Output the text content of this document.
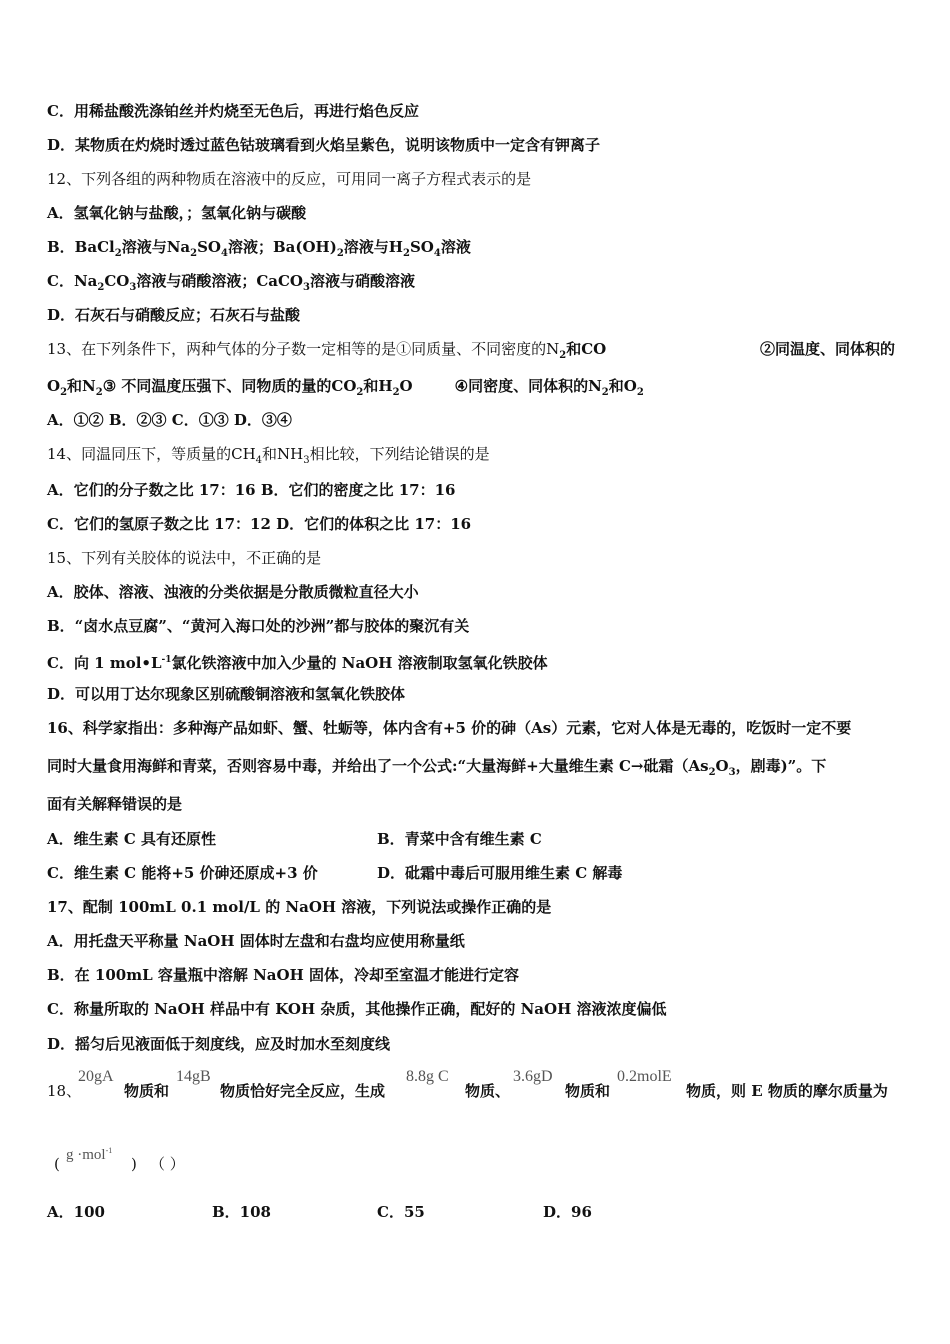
C．用稀盐酸洗涤铂丝并灼烧至无色后，再进行焰色反应
D．某物质在灼烧时透过蓝色钴玻璃看到火焰呈紫色，说明该物质中一定含有钾离子
12、下列各组的两种物质在溶液中的反应，可用同一离子方程式表示的是
A．氢氧化钠与盐酸，；氢氧化钠与碳酸
B．BaCl$_2$溶液与$Na_2SO_4$溶液；$Ba(OH)_2$溶液与$H_2SO_4$溶液
C．$Na_2CO_3$溶液与硝酸溶液；CaCO$_3$溶液与硝酸溶液
D．石灰石与硝酸反应；石灰石与盐酸
13、在下列条件下，两种气体的分子数一定相等的是①同质量、不同密度的$N_2$和CO	②同温度、同体积的
$O_2$和$N_2③$ 不同温度压强下、同物质的量的$CO_2$和$H_2O$	④同密度、同体积的$N_2$和$O_2$
A．①② B．②③ C．①③ D．③④
14、同温同压下，等质量的$CH_4$和$NH_3$相比较，下列结论错误的是
A．它们的分子数之比 17：16 B．它们的密度之比 17：16
C．它们的氢原子数之比 17：12 D．它们的体积之比 17：16
15、下列有关胶体的说法中，不正确的是
A．胶体、溶液、浊液的分类依据是分散质微粒直径大小
B．“卤水点豆腐”、“黄河入海口处的沙洲”都与胶体的聚沉有关
C．向 1 $mol•L^{-1}$氯化铁溶液中加入少量的 NaOH 溶液制取氢氧化铁胶体
D．可以用丁达尔现象区别硫酸铜溶液和氢氧化铁胶体
16、科学家指出：多种海产品如虾、蟹、牡蛎等，体内含有+5 价的砷（As）元素，它对人体是无毒的，吃饭时一定不要
同时大量食用海鲜和青菜，否则容易中毒，并给出了一个公式:“大量海鲜+大量维生素 C→砒霜（$As_2O_3$，剧毒)”。下
面有关解释错误的是
A．维生素 C 具有还原性	B．青菜中含有维生素 C
C．维生素 C 能将+5 价砷还原成+3 价	D．砒霜中毒后可服用维生素 C 解毒
17、配制 100mL 0.1 mol/L 的 NaOH 溶液，下列说法或操作正确的是
A．用托盘天平称量 NaOH 固体时左盘和右盘均应使用称量纸
B．在 100mL 容量瓶中溶解 NaOH 固体，冷却至室温才能进行定容
C．称量所取的 NaOH 样品中有 KOH 杂质，其他操作正确，配好的 NaOH 溶液浓度偏低
D．摇匀后见液面低于刻度线，应及时加水至刻度线
18、
20gA
物质和
14gB
物质恰好完全反应，生成
8.8g C
物质、
3.6gD
物质和
0.2molE
物质，则 E 物质的摩尔质量为
( g ·mol$^{-1}$
) （ ）
A．100	B．108	C．55	D．96
